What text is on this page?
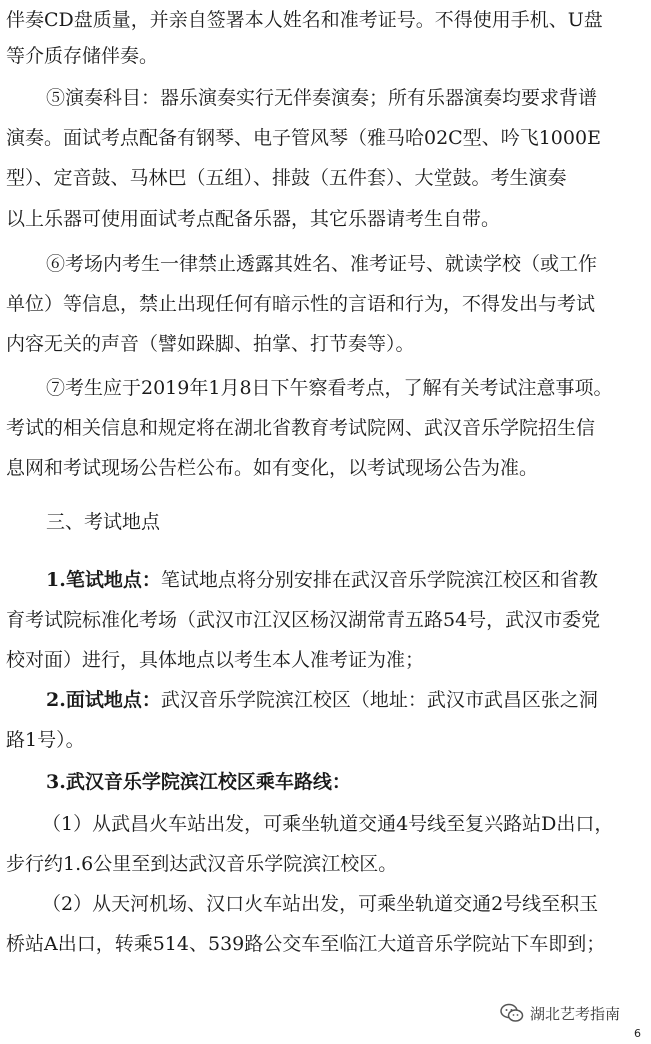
伴奏CD盘质量，并亲自签署本人姓名和准考证号。不得使用手机、U盘
等介质存储伴奏。

⑤演奏科目：器乐演奏实行无伴奏演奏；所有乐器演奏均要求背谱

演奏。面试考点配备有钢琴、电子管风琴（雅马哈02C型、吟飞1000E

型）、定音鼓、马林巴（五组）、排鼓（五件套）、大堂鼓。考生演奏

以上乐器可使用面试考点配备乐器，其它乐器请考生自带。

⑥考场内考生一律禁止透露其姓名、准考证号、就读学校（或工作

单位）等信息，禁止出现任何有暗示性的言语和行为，不得发出与考试

内容无关的声音（譬如跺脚、拍掌、打节奏等）。

⑦考生应于2019年1月8日下午察看考点，了解有关考试注意事项。

考试的相关信息和规定将在湖北省教育考试院网、武汉音乐学院招生信

息网和考试现场公告栏公布。如有变化，以考试现场公告为准。

三、考试地点

1.笔试地点：笔试地点将分别安排在武汉音乐学院滨江校区和省教

育考试院标准化考场（武汉市江汉区杨汉湖常青五路54号，武汉市委党

校对面）进行，具体地点以考生本人准考证为准；

2.面试地点：武汉音乐学院滨江校区（地址：武汉市武昌区张之洞

路1号）。

3.武汉音乐学院滨江校区乘车路线：

（1）从武昌火车站出发，可乘坐轨道交通4号线至复兴路站D出口，

步行约1.6公里至到达武汉音乐学院滨江校区。

（2）从天河机场、汉口火车站出发，可乘坐轨道交通2号线至积玉

桥站A出口，转乘514、539路公交车至临江大道音乐学院站下车即到；

湖北艺考指南
6
